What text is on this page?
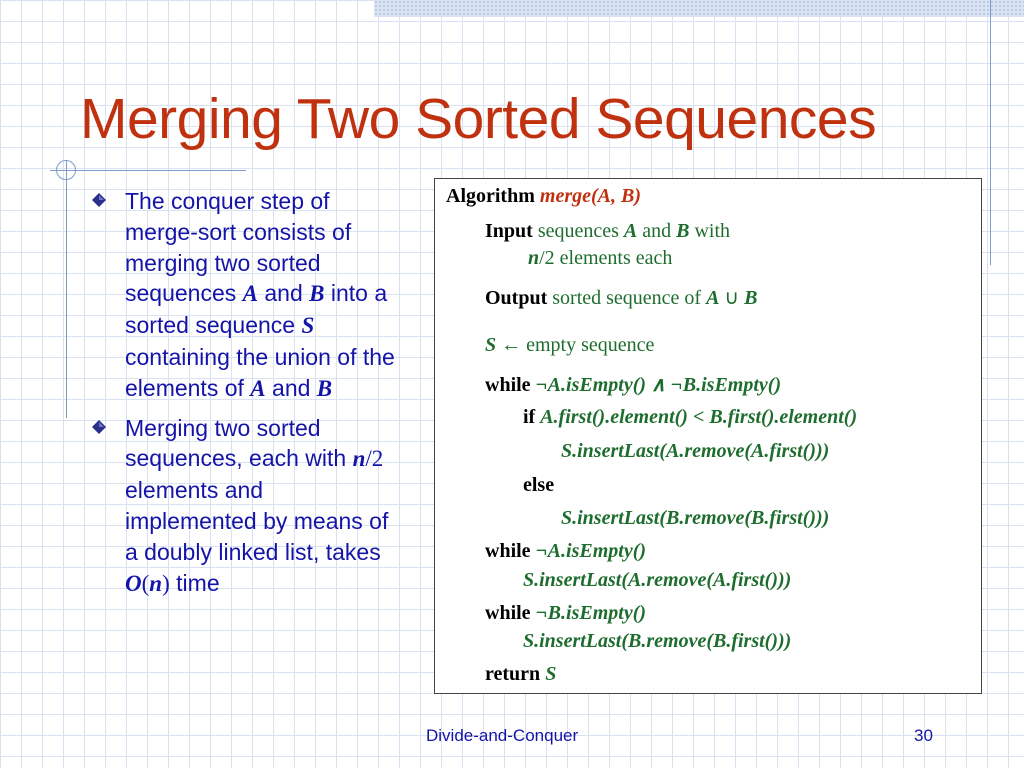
Merging Two Sorted Sequences
The conquer step of merge-sort consists of merging two sorted sequences A and B into a sorted sequence S containing the union of the elements of A and B
Merging two sorted sequences, each with n/2 elements and implemented by means of a doubly linked list, takes O(n) time
Algorithm merge(A, B)
Input sequences A and B with
n/2 elements each
Output sorted sequence of A ∪ B
S ← empty sequence
while ¬A.isEmpty() ∧ ¬B.isEmpty()
if A.first().element() < B.first().element()
S.insertLast(A.remove(A.first()))
else
S.insertLast(B.remove(B.first()))
while ¬A.isEmpty()
S.insertLast(A.remove(A.first()))
while ¬B.isEmpty()
S.insertLast(B.remove(B.first()))
return S
Divide-and-Conquer	30
